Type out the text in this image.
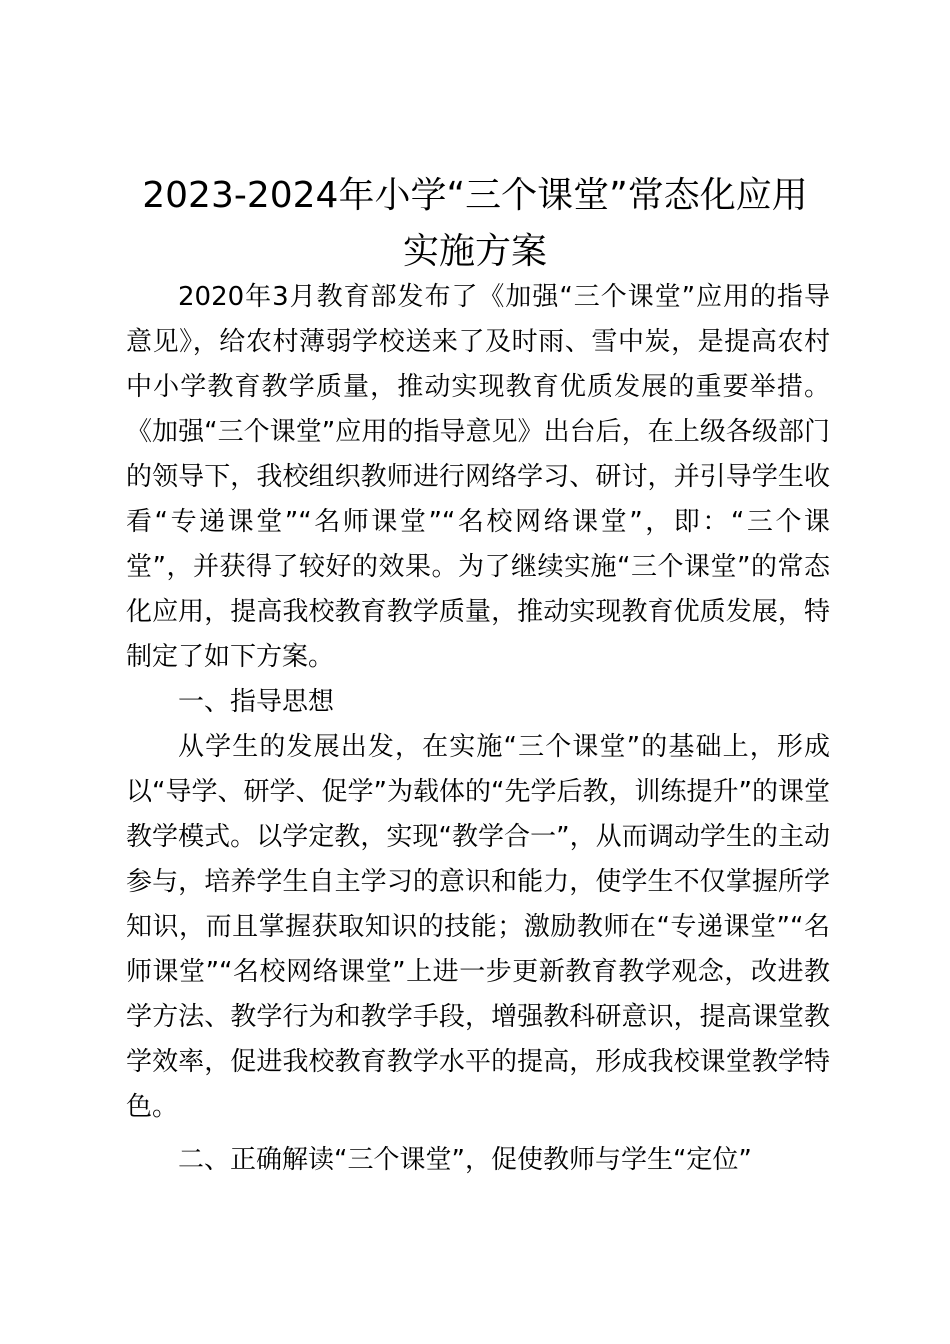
2023-2024年小学“三个课堂”常态化应用
实施方案

2020年3月教育部发布了《加强“三个课堂”应用的指导意见》，给农村薄弱学校送来了及时雨、雪中炭，是提高农村中小学教育教学质量，推动实现教育优质发展的重要举措。《加强“三个课堂”应用的指导意见》出台后，在上级各级部门的领导下，我校组织教师进行网络学习、研讨，并引导学生收看“专递课堂”“名师课堂”“名校网络课堂”，即：“三个课堂”，并获得了较好的效果。为了继续实施“三个课堂”的常态化应用，提高我校教育教学质量，推动实现教育优质发展，特制定了如下方案。

一、指导思想

从学生的发展出发，在实施“三个课堂”的基础上，形成以“导学、研学、促学”为载体的“先学后教，训练提升”的课堂教学模式。以学定教，实现“教学合一”，从而调动学生的主动参与，培养学生自主学习的意识和能力，使学生不仅掌握所学知识，而且掌握获取知识的技能；激励教师在“专递课堂”“名师课堂”“名校网络课堂”上进一步更新教育教学观念，改进教学方法、教学行为和教学手段，增强教科研意识，提高课堂教学效率，促进我校教育教学水平的提高，形成我校课堂教学特色。

二、正确解读“三个课堂”，促使教师与学生“定位”
